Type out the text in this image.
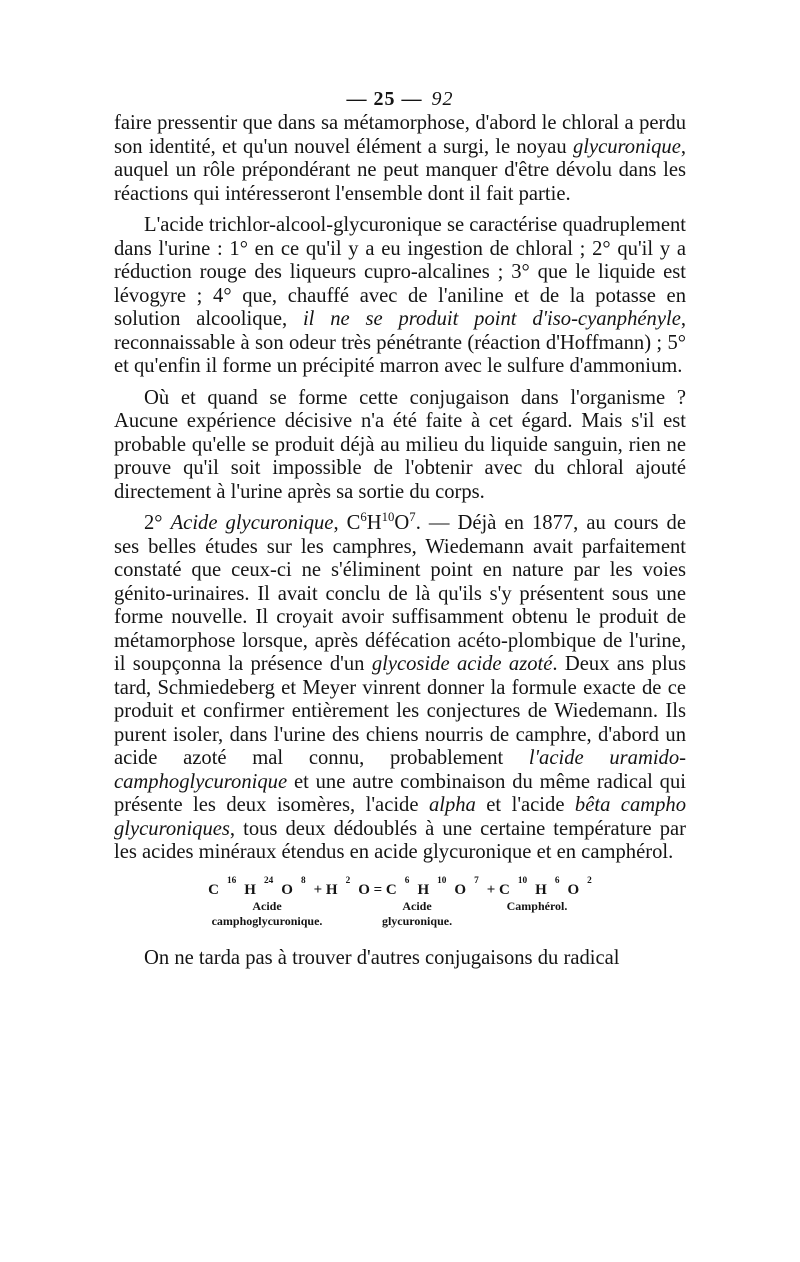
— 25 — 92

faire pressentir que dans sa métamorphose, d'abord le chloral a perdu son identité, et qu'un nouvel élément a surgi, le noyau glycuronique, auquel un rôle prépondérant ne peut manquer d'être dévolu dans les réactions qui intéresseront l'ensemble dont il fait partie.

L'acide trichlor-alcool-glycuronique se caractérise quadruplement dans l'urine : 1° en ce qu'il y a eu ingestion de chloral ; 2° qu'il y a réduction rouge des liqueurs cupro-alcalines ; 3° que le liquide est lévogyre ; 4° que, chauffé avec de l'aniline et de la potasse en solution alcoolique, il ne se produit point d'iso-cyanphényle, reconnaissable à son odeur très pénétrante (réaction d'Hoffmann) ; 5° et qu'enfin il forme un précipité marron avec le sulfure d'ammonium.

Où et quand se forme cette conjugaison dans l'organisme ? Aucune expérience décisive n'a été faite à cet égard. Mais s'il est probable qu'elle se produit déjà au milieu du liquide sanguin, rien ne prouve qu'il soit impossible de l'obtenir avec du chloral ajouté directement à l'urine après sa sortie du corps.

2° Acide glycuronique, $C^6H^{10}O^7$. — Déjà en 1877, au cours de ses belles études sur les camphres, Wiedemann avait parfaitement constaté que ceux-ci ne s'éliminent point en nature par les voies génito-urinaires. Il avait conclu de là qu'ils s'y présentent sous une forme nouvelle. Il croyait avoir suffisamment obtenu le produit de métamorphose lorsque, après défécation acéto-plombique de l'urine, il soupçonna la présence d'un glycoside acide azoté. Deux ans plus tard, Schmiedeberg et Meyer vinrent donner la formule exacte de ce produit et confirmer entièrement les conjectures de Wiedemann. Ils purent isoler, dans l'urine des chiens nourris de camphre, d'abord un acide azoté mal connu, probablement l'acide uramido-camphoglycuronique et une autre combinaison du même radical qui présente les deux isomères, l'acide alpha et l'acide bêta campho glycuroniques, tous deux dédoublés à une certaine température par les acides minéraux étendus en acide glycuronique et en camphérol.

C
16
H
24
O
8
+ H
2
O = C
6
H
10
O
7
+ C
10
H
6
O
2
Acide camphoglycuronique.
Acide glycuronique.
Camphérol.

On ne tarda pas à trouver d'autres conjugaisons du radical
